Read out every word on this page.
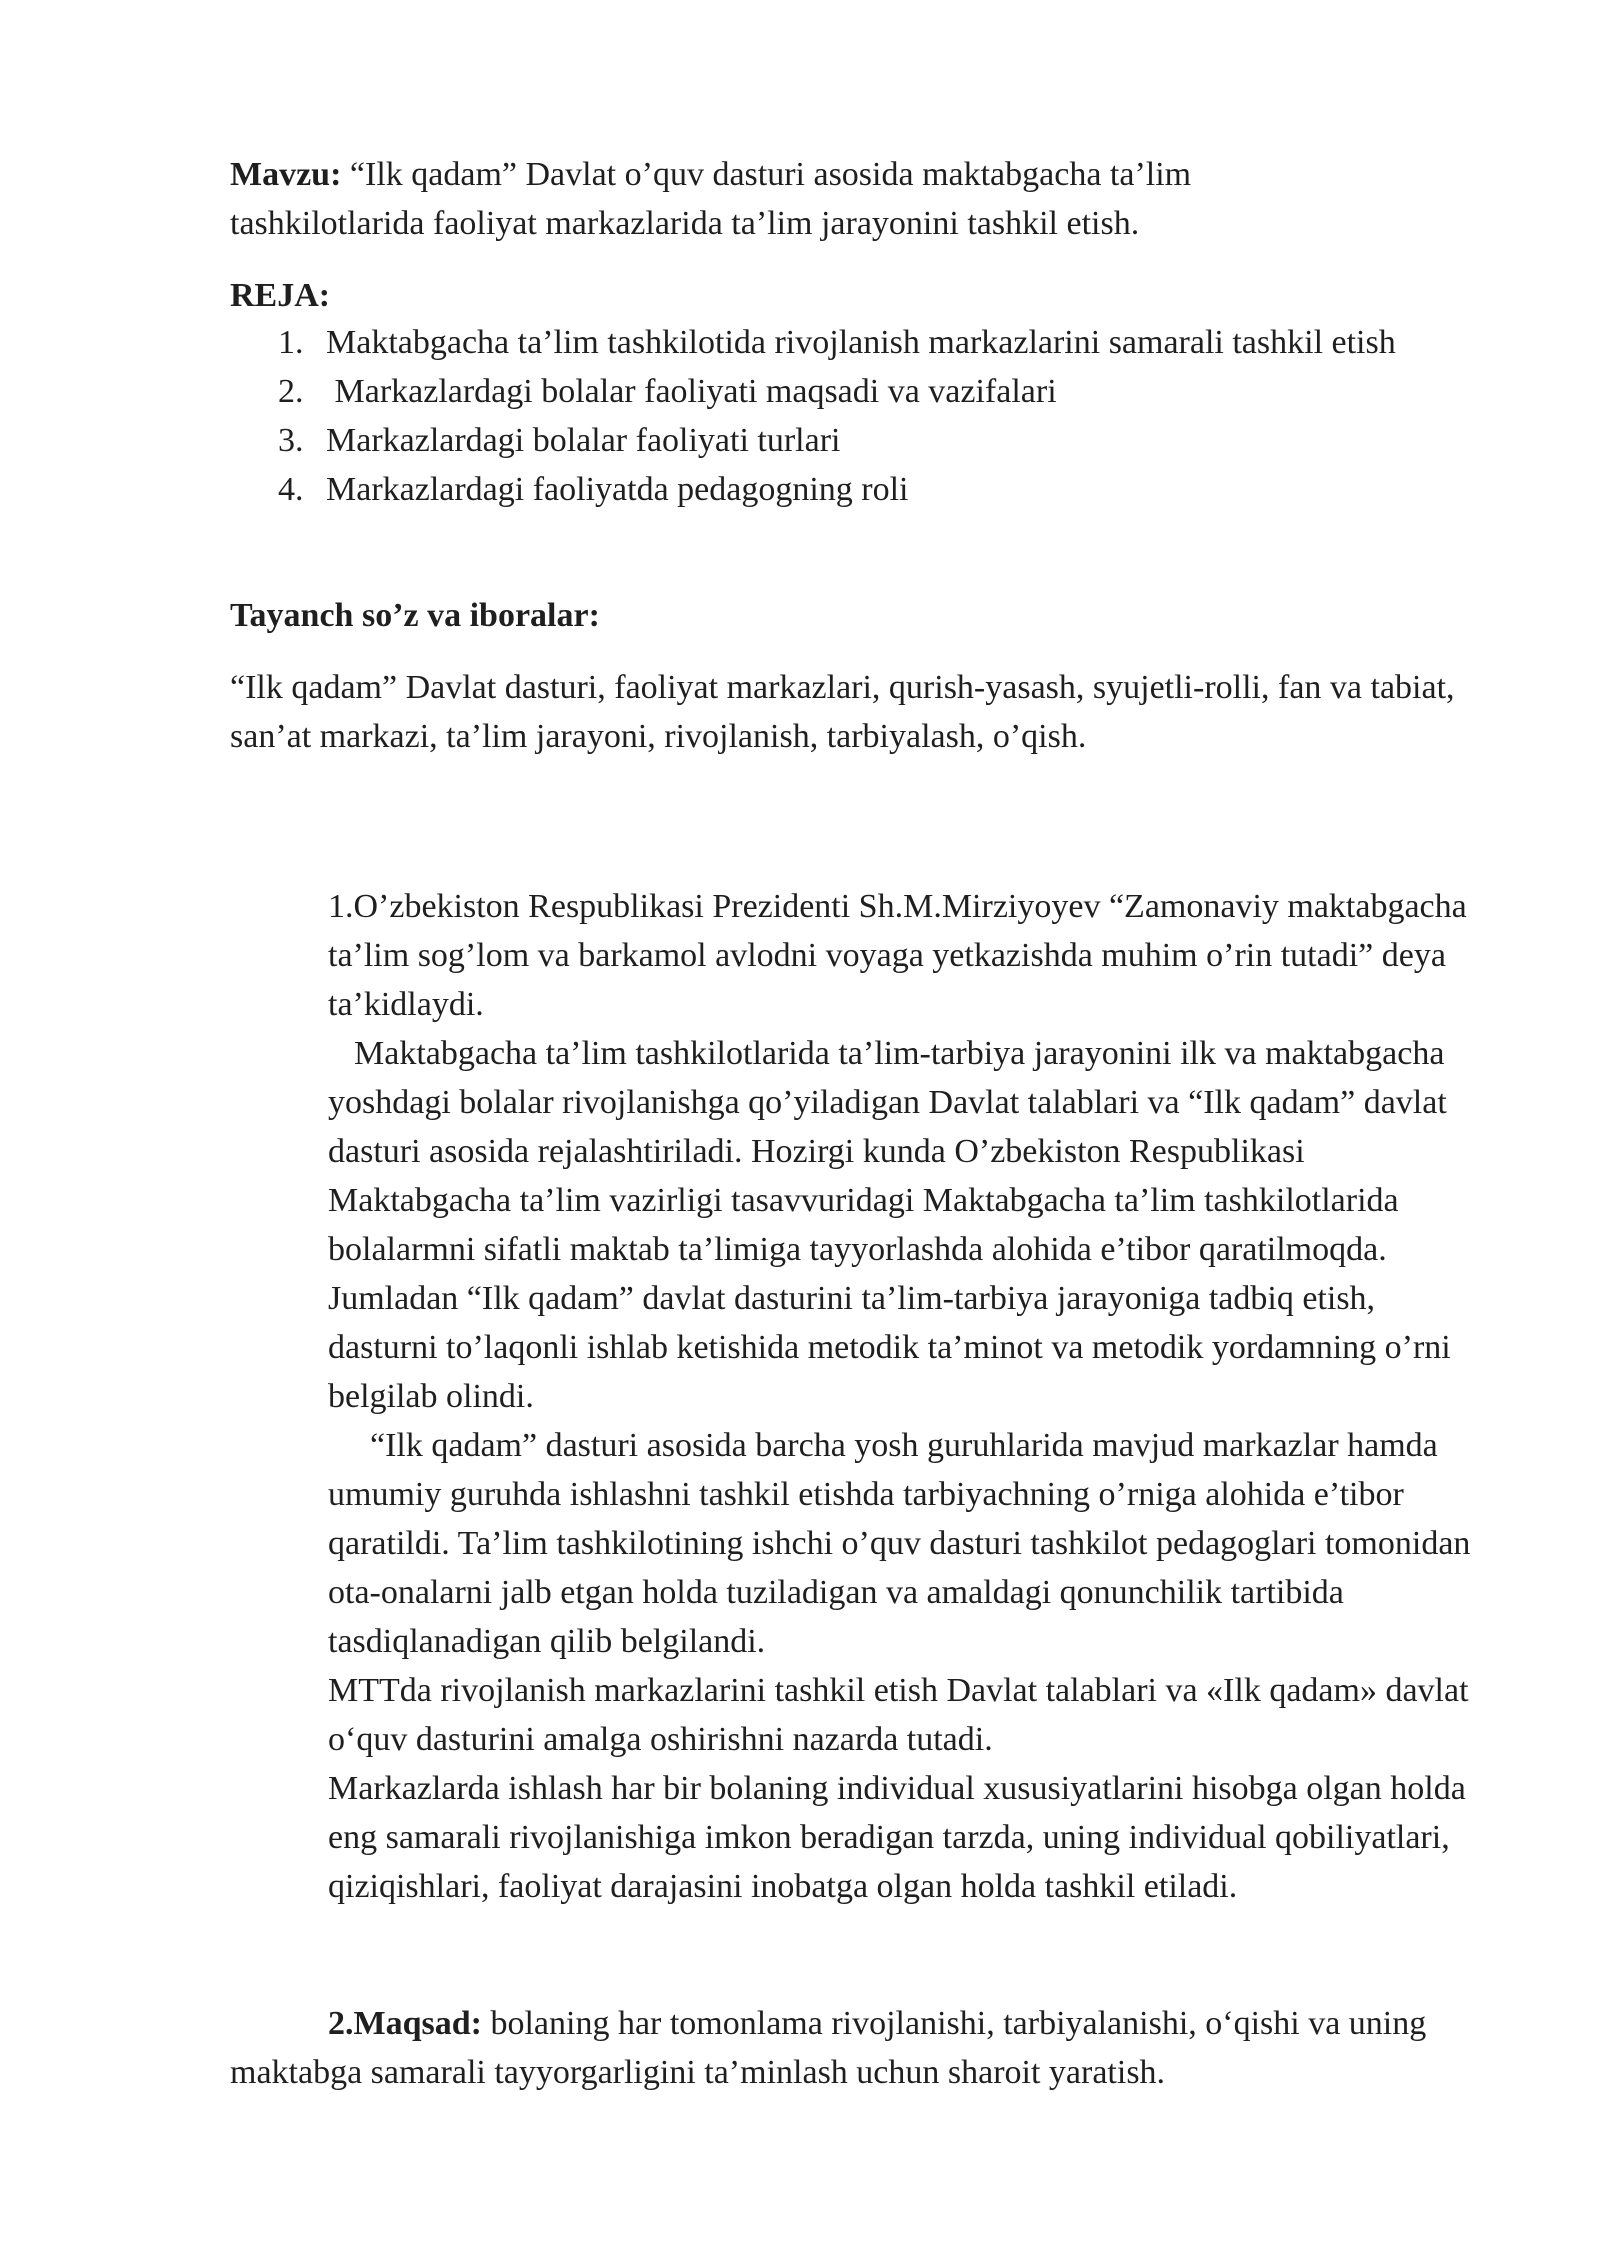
Mavzu: “Ilk qadam” Davlat o’quv dasturi asosida maktabgacha ta’lim tashkilotlarida faoliyat markazlarida ta’lim jarayonini tashkil etish.

REJA:
1. Maktabgacha ta’lim tashkilotida rivojlanish markazlarini samarali tashkil etish
2. Markazlardagi bolalar faoliyati maqsadi va vazifalari
3. Markazlardagi bolalar faoliyati turlari
4. Markazlardagi faoliyatda pedagogning roli
Tayanch so’z va iboralar:

“Ilk qadam” Davlat dasturi, faoliyat markazlari, qurish-yasash, syujetli-rolli, fan va tabiat, san’at markazi, ta’lim jarayoni, rivojlanish, tarbiyalash, o’qish.

1.O’zbekiston Respublikasi Prezidenti Sh.M.Mirziyoyev “Zamonaviy maktabgacha ta’lim sog’lom va barkamol avlodni voyaga yetkazishda muhim o’rin tutadi” deya ta’kidlaydi.

Maktabgacha ta’lim tashkilotlarida ta’lim-tarbiya jarayonini ilk va maktabgacha yoshdagi bolalar rivojlanishga qo’yiladigan Davlat talablari va “Ilk qadam” davlat dasturi asosida rejalashtiriladi. Hozirgi kunda O’zbekiston Respublikasi Maktabgacha ta’lim vazirligi tasavvuridagi Maktabgacha ta’lim tashkilotlarida bolalarmni sifatli maktab ta’limiga tayyorlashda alohida e’tibor qaratilmoqda. Jumladan “Ilk qadam” davlat dasturini ta’lim-tarbiya jarayoniga tadbiq etish, dasturni to’laqonli ishlab ketishida metodik ta’minot va metodik yordamning o’rni belgilab olindi.

“Ilk qadam” dasturi asosida barcha yosh guruhlarida mavjud markazlar hamda umumiy guruhda ishlashni tashkil etishda tarbiyachning o’rniga alohida e’tibor qaratildi. Ta’lim tashkilotining ishchi o’quv dasturi tashkilot pedagoglari tomonidan ota-onalarni jalb etgan holda tuziladigan va amaldagi qonunchilik tartibida tasdiqlanadigan qilib belgilandi.

MTTda rivojlanish markazlarini tashkil etish Davlat talablari va «Ilk qadam» davlat oʻquv dasturini amalga oshirishni nazarda tutadi.

Markazlarda ishlash har bir bolaning individual xususiyatlarini hisobga olgan holda eng samarali rivojlanishiga imkon beradigan tarzda, uning individual qobiliyatlari, qiziqishlari, faoliyat darajasini inobatga olgan holda tashkil etiladi.

2.Maqsad: bolaning har tomonlama rivojlanishi, tarbiyalanishi, oʻqishi va uning maktabga samarali tayyorgarligini ta’minlash uchun sharoit yaratish.
